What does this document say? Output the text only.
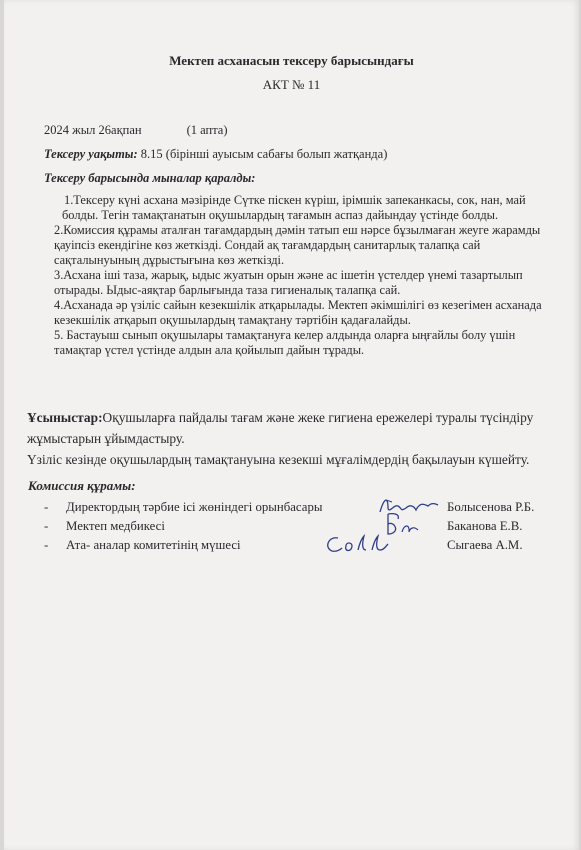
Мектеп асханасын тексеру барысындағы
АКТ № 11
2024 жыл 26ақпан	(1 апта)
Тексеру уақыты: 8.15 (бірінші ауысым сабағы болып жатқанда)
Тексеру барысында мыналар қаралды:

1.Тексеру күні асхана мәзірінде Сүтке піскен күріш, ірімшік запеканкасы, сок, нан, май болды. Тегін тамақтанатын оқушылардың тағамын аспаз дайындау үстінде болды.

2.Комиссия құрамы аталған тағамдардың дәмін татып еш нәрсе бұзылмаған жеуге жарамды қауіпсіз екендігіне көз жеткізді. Сондай ақ тағамдардың санитарлық талапқа сай сақталынуының дұрыстығына көз жеткізді.

3.Асхана іші таза, жарық, ыдыс жуатын орын және ас ішетін үстелдер үнемі тазартылып отырады. Ыдыс-аяқтар барлығында таза гигиеналық талапқа сай.

4.Асханада әр үзіліс сайын кезекшілік атқарылады. Мектеп әкімшілігі өз кезегімен асханада кезекшілік атқарып оқушылардың тамақтану тәртібін қадағалайды.

5. Бастауыш сынып оқушылары тамақтануға келер алдында оларға ыңғайлы болу үшін тамақтар үстел үстінде алдын ала қойылып дайын тұрады.

Ұсыныстар:Оқушыларға пайдалы тағам және жеке гигиена ережелері туралы түсіндіру жұмыстарын ұйымдастыру.
Үзіліс кезінде оқушылардың тамақтануына кезекші мұғалімдердің бақылауын күшейту.
Комиссия құрамы:
- Директордың тәрбие ісі жөніндегі орынбасары	Болысенова Р.Б.
- Мектеп медбикесі	Баканова Е.В.
- Ата- аналар комитетінің мүшесі	Сыгаева А.М.
